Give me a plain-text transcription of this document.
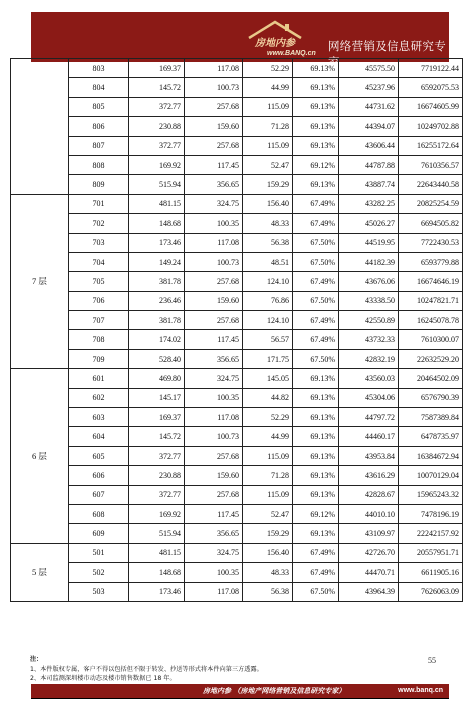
房地内参
www.BANQ.cn
网络营销及信息研究专家
	803	169.37	117.08	52.29	69.13%	45575.50	7719122.44
	804	145.72	100.73	44.99	69.13%	45237.96	6592075.53
	805	372.77	257.68	115.09	69.13%	44731.62	16674605.99
	806	230.88	159.60	71.28	69.13%	44394.07	10249702.88
	807	372.77	257.68	115.09	69.13%	43606.44	16255172.64
	808	169.92	117.45	52.47	69.12%	44787.88	7610356.57
	809	515.94	356.65	159.29	69.13%	43887.74	22643440.58
7 层	701	481.15	324.75	156.40	67.49%	43282.25	20825254.59
	702	148.68	100.35	48.33	67.49%	45026.27	6694505.82
	703	173.46	117.08	56.38	67.50%	44519.95	7722430.53
	704	149.24	100.73	48.51	67.50%	44182.39	6593779.88
	705	381.78	257.68	124.10	67.49%	43676.06	16674646.19
	706	236.46	159.60	76.86	67.50%	43338.50	10247821.71
	707	381.78	257.68	124.10	67.49%	42550.89	16245078.78
	708	174.02	117.45	56.57	67.49%	43732.33	7610300.07
	709	528.40	356.65	171.75	67.50%	42832.19	22632529.20
6 层	601	469.80	324.75	145.05	69.13%	43560.03	20464502.09
	602	145.17	100.35	44.82	69.13%	45304.06	6576790.39
	603	169.37	117.08	52.29	69.13%	44797.72	7587389.84
	604	145.72	100.73	44.99	69.13%	44460.17	6478735.97
	605	372.77	257.68	115.09	69.13%	43953.84	16384672.94
	606	230.88	159.60	71.28	69.13%	43616.29	10070129.04
	607	372.77	257.68	115.09	69.13%	42828.67	15965243.32
	608	169.92	117.45	52.47	69.12%	44010.10	7478196.19
	609	515.94	356.65	159.29	69.13%	43109.97	22242157.92
5 层	501	481.15	324.75	156.40	67.49%	42726.70	20557951.71
	502	148.68	100.35	48.33	67.49%	44470.71	6611905.16
	503	173.46	117.08	56.38	67.50%	43964.39	7626063.09
注：
1、本件版权专属，客户不得以包括但不限于转发、抄送等形式将本件向第三方透露。
2、本司监测深圳楼市动态及楼市销售数据已 18 年。
55
房地内参 （房地产网络营销及信息研究专家）	www.banq.cn
